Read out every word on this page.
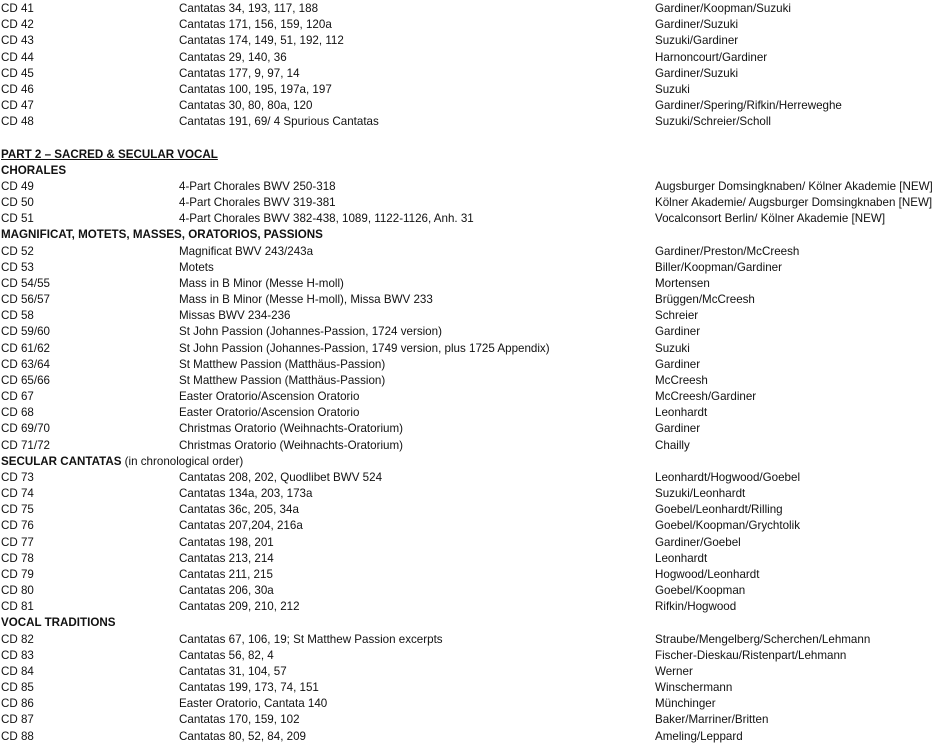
CD 41	Cantatas 34, 193, 117, 188	Gardiner/Koopman/Suzuki
CD 42	Cantatas 171, 156, 159, 120a	Gardiner/Suzuki
CD 43	Cantatas 174, 149, 51, 192, 112	Suzuki/Gardiner
CD 44	Cantatas 29, 140, 36	Harnoncourt/Gardiner
CD 45	Cantatas 177, 9, 97, 14	Gardiner/Suzuki
CD 46	Cantatas 100, 195, 197a, 197	Suzuki
CD 47	Cantatas 30, 80, 80a, 120	Gardiner/Spering/Rifkin/Herreweghe
CD 48	Cantatas 191, 69/ 4 Spurious Cantatas	Suzuki/Schreier/Scholl
PART 2 – SACRED & SECULAR VOCAL
CHORALES
CD 49	4-Part Chorales BWV 250-318	Augsburger Domsingknaben/ Kölner Akademie [NEW]
CD 50	4-Part Chorales BWV 319-381	Kölner Akademie/ Augsburger Domsingknaben [NEW]
CD 51	4-Part Chorales BWV 382-438, 1089, 1122-1126, Anh. 31	Vocalconsort Berlin/ Kölner Akademie [NEW]
MAGNIFICAT, MOTETS, MASSES, ORATORIOS, PASSIONS
CD 52	Magnificat BWV 243/243a	Gardiner/Preston/McCreesh
CD 53	Motets	Biller/Koopman/Gardiner
CD 54/55	Mass in B Minor (Messe H-moll)	Mortensen
CD 56/57	Mass in B Minor (Messe H-moll), Missa BWV 233	Brüggen/McCreesh
CD 58	Missas BWV 234-236	Schreier
CD 59/60	St John Passion (Johannes-Passion, 1724 version)	Gardiner
CD 61/62	St John Passion (Johannes-Passion, 1749 version, plus 1725 Appendix)	Suzuki
CD 63/64	St Matthew Passion (Matthäus-Passion)	Gardiner
CD 65/66	St Matthew Passion (Matthäus-Passion)	McCreesh
CD 67	Easter Oratorio/Ascension Oratorio	McCreesh/Gardiner
CD 68	Easter Oratorio/Ascension Oratorio	Leonhardt
CD 69/70	Christmas Oratorio (Weihnachts-Oratorium)	Gardiner
CD 71/72	Christmas Oratorio (Weihnachts-Oratorium)	Chailly
SECULAR CANTATAS (in chronological order)
CD 73	Cantatas 208, 202, Quodlibet BWV 524	Leonhardt/Hogwood/Goebel
CD 74	Cantatas 134a, 203, 173a	Suzuki/Leonhardt
CD 75	Cantatas 36c, 205, 34a	Goebel/Leonhardt/Rilling
CD 76	Cantatas 207,204, 216a	Goebel/Koopman/Grychtolik
CD 77	Cantatas 198, 201	Gardiner/Goebel
CD 78	Cantatas 213, 214	Leonhardt
CD 79	Cantatas 211, 215	Hogwood/Leonhardt
CD 80	Cantatas 206, 30a	Goebel/Koopman
CD 81	Cantatas 209, 210, 212	Rifkin/Hogwood
VOCAL TRADITIONS
CD 82	Cantatas 67, 106, 19; St Matthew Passion excerpts	Straube/Mengelberg/Scherchen/Lehmann
CD 83	Cantatas 56, 82, 4	Fischer-Dieskau/Ristenpart/Lehmann
CD 84	Cantatas 31, 104, 57	Werner
CD 85	Cantatas 199, 173, 74, 151	Winschermann
CD 86	Easter Oratorio, Cantata 140	Münchinger
CD 87	Cantatas 170, 159, 102	Baker/Marriner/Britten
CD 88	Cantatas 80, 52, 84, 209	Ameling/Leppard
